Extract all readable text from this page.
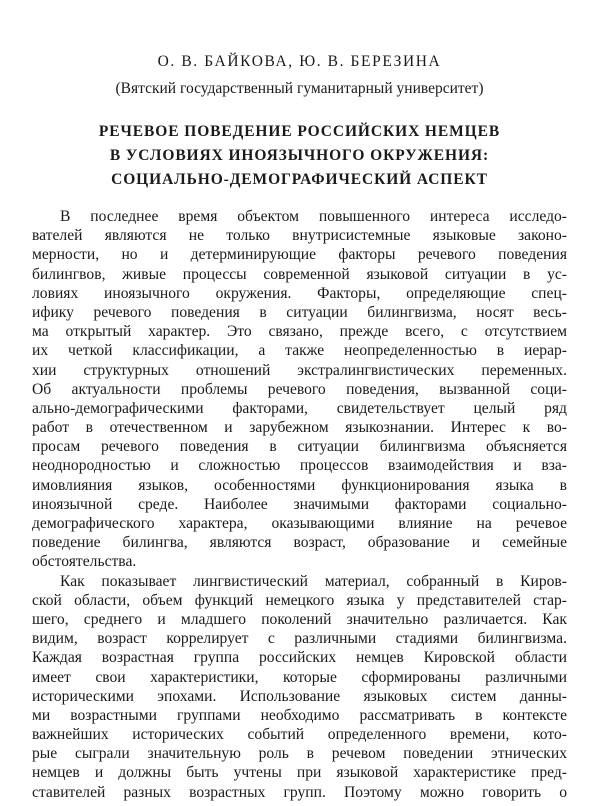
О. В. БАЙКОВА, Ю. В. БЕРЕЗИНА
(Вятский государственный гуманитарный университет)
РЕЧЕВОЕ ПОВЕДЕНИЕ РОССИЙСКИХ НЕМЦЕВ
В УСЛОВИЯХ ИНОЯЗЫЧНОГО ОКРУЖЕНИЯ:
СОЦИАЛЬНО-ДЕМОГРАФИЧЕСКИЙ АСПЕКТ
В последнее время объектом повышенного интереса исследо-
вателей являются не только внутрисистемные языковые законо-
мерности, но и детерминирующие факторы речевого поведения
билингвов, живые процессы современной языковой ситуации в ус-
ловиях иноязычного окружения. Факторы, определяющие спец-
ифику речевого поведения в ситуации билингвизма, носят весь-
ма открытый характер. Это связано, прежде всего, с отсутствием
их четкой классификации, а также неопределенностью в иерар-
хии структурных отношений экстралингвистических переменных.
Об актуальности проблемы речевого поведения, вызванной соци-
ально-демографическими факторами, свидетельствует целый ряд
работ в отечественном и зарубежном языкознании. Интерес к во-
просам речевого поведения в ситуации билингвизма объясняется
неоднородностью и сложностью процессов взаимодействия и вза-
имовлияния языков, особенностями функционирования языка в
иноязычной среде. Наиболее значимыми факторами социально-
демографического характера, оказывающими влияние на речевое
поведение билингва, являются возраст, образование и семейные
обстоятельства.
Как показывает лингвистический материал, собранный в Киров-
ской области, объем функций немецкого языка у представителей стар-
шего, среднего и младшего поколений значительно различается. Как
видим, возраст коррелирует с различными стадиями билингвизма.
Каждая возрастная группа российских немцев Кировской области
имеет свои характеристики, которые сформированы различными
историческими эпохами. Использование языковых систем данны-
ми возрастными группами необходимо рассматривать в контексте
важнейших исторических событий определенного времени, кото-
рые сыграли значительную роль в речевом поведении этнических
немцев и должны быть учтены при языковой характеристике пред-
ставителей разных возрастных групп. Поэтому можно говорить о
